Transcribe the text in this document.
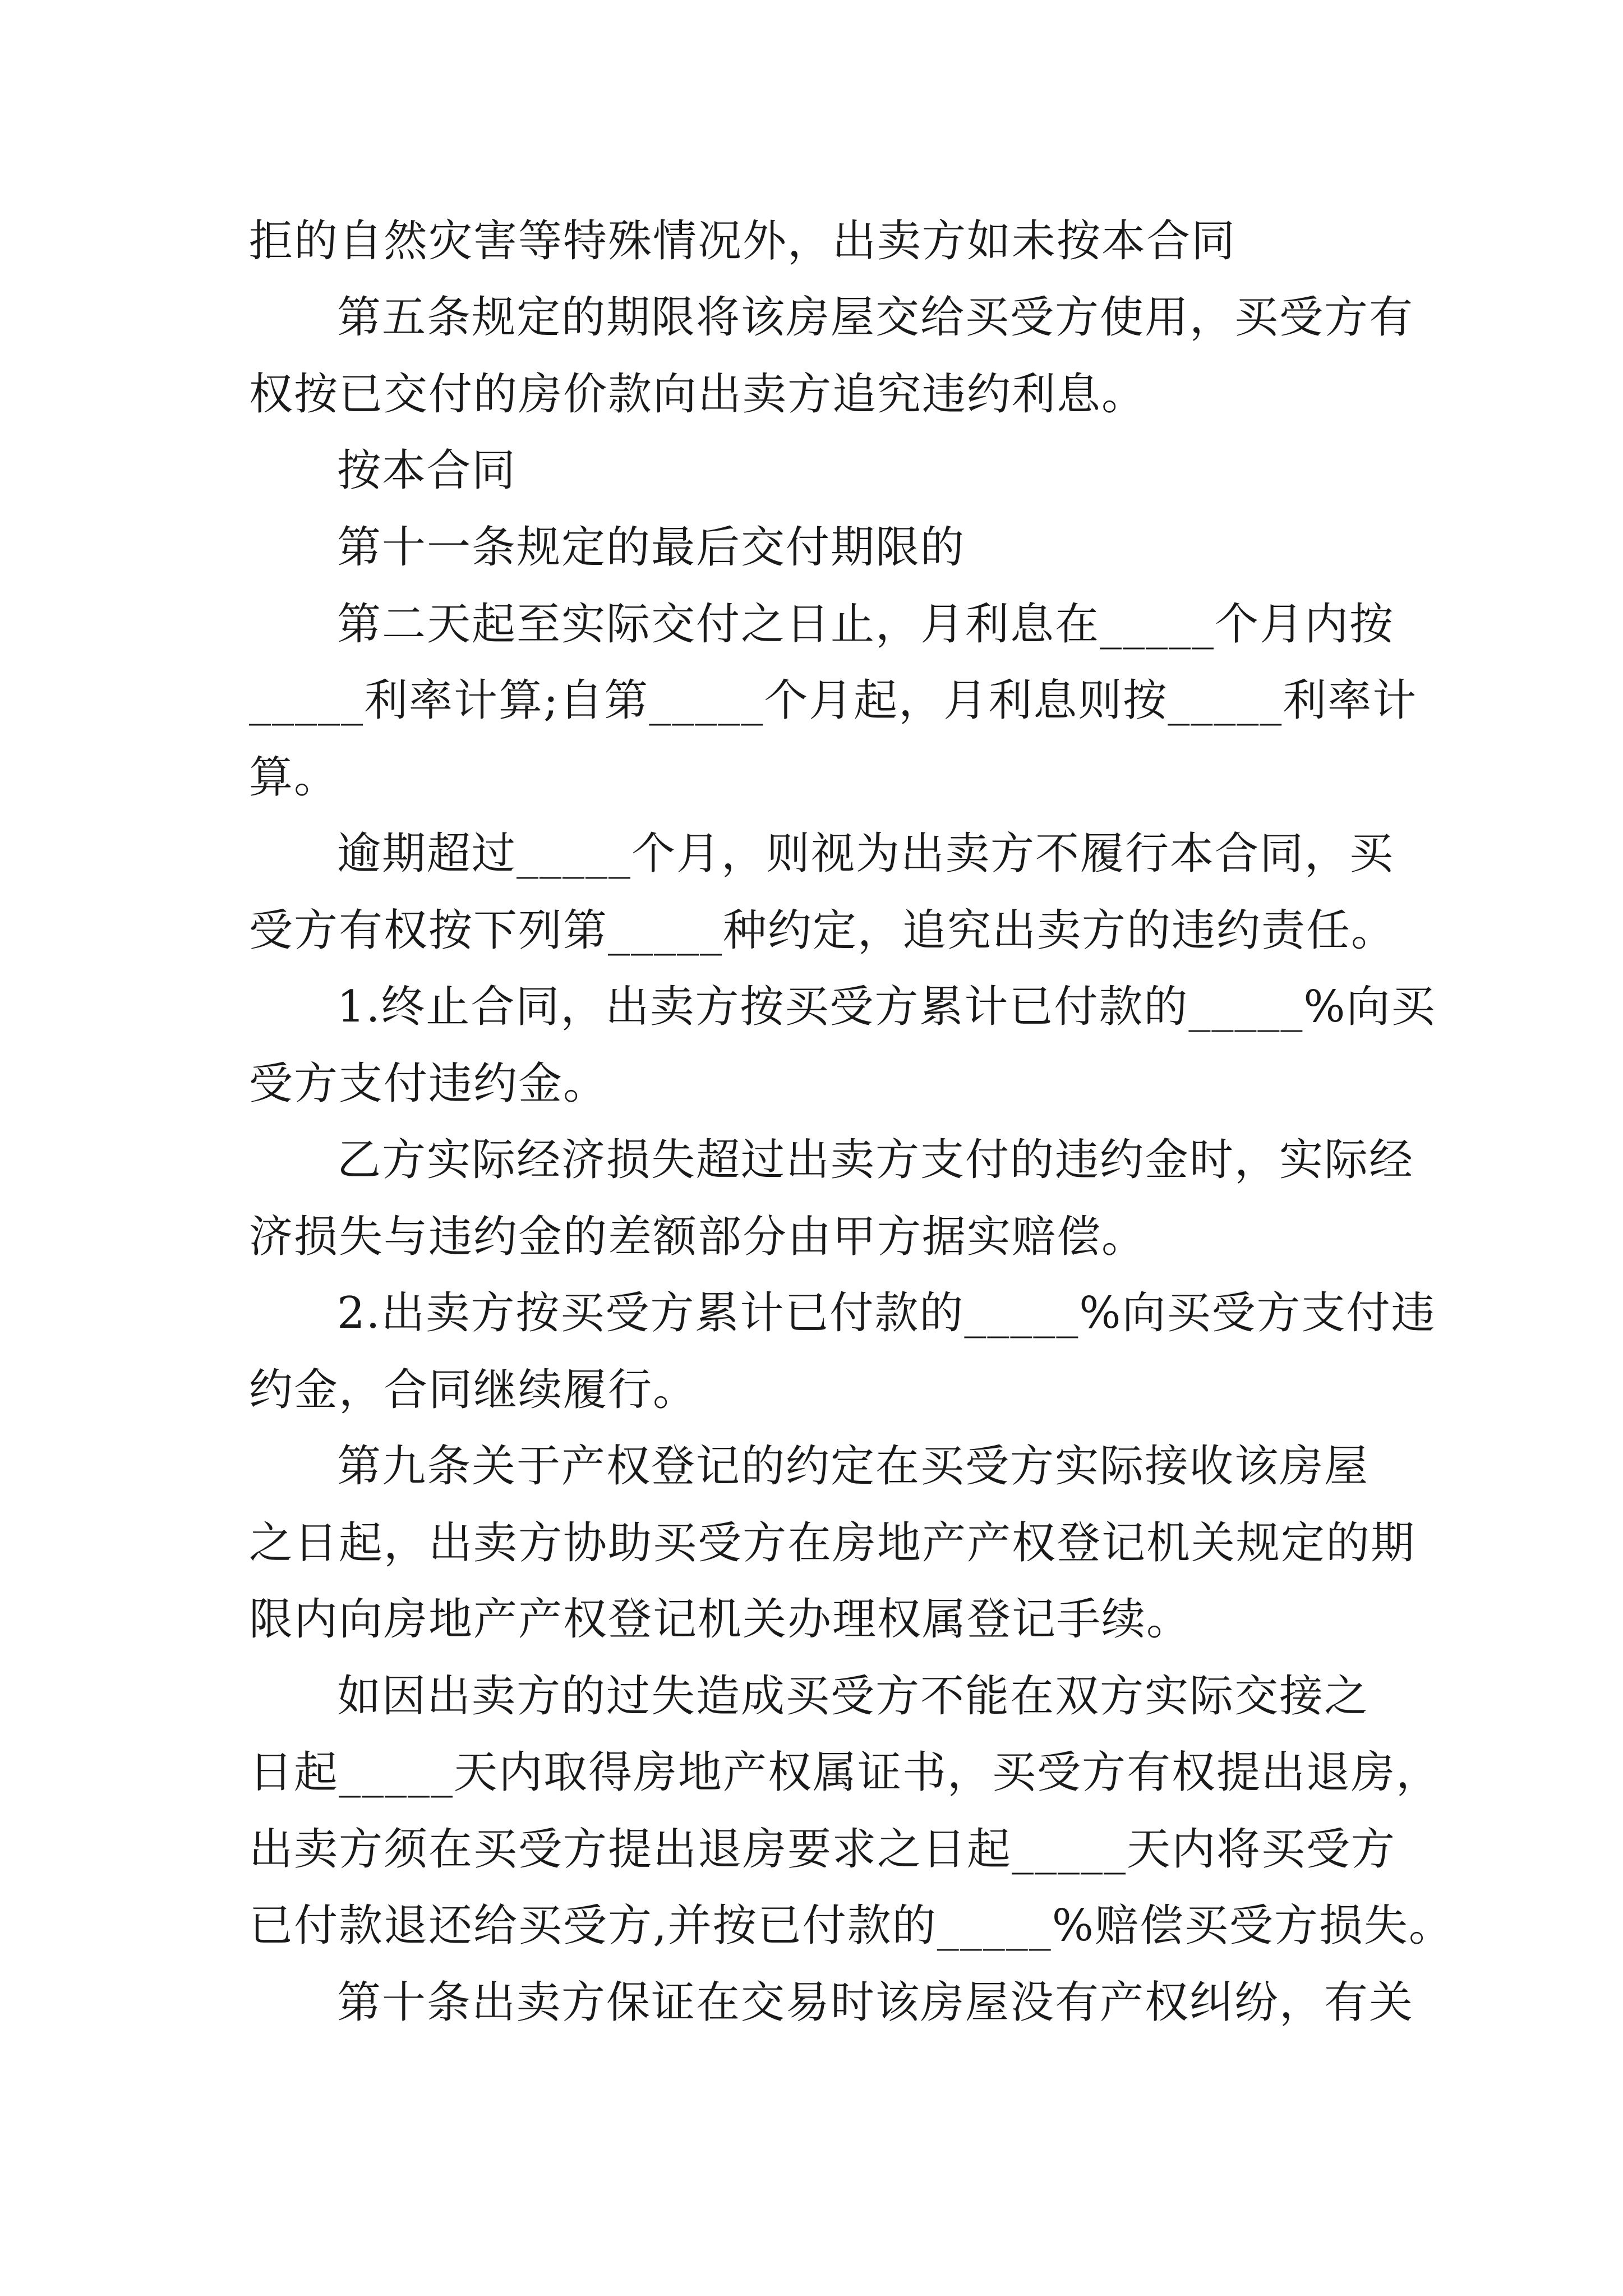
拒的自然灾害等特殊情况外，出卖方如未按本合同

第五条规定的期限将该房屋交给买受方使用，买受方有

权按已交付的房价款向出卖方追究违约利息。

按本合同

第十一条规定的最后交付期限的

第二天起至实际交付之日止，月利息在_____个月内按

_____利率计算;自第_____个月起，月利息则按_____利率计

算。

逾期超过_____个月，则视为出卖方不履行本合同，买

受方有权按下列第_____种约定，追究出卖方的违约责任。

1.终止合同，出卖方按买受方累计已付款的_____%向买

受方支付违约金。

乙方实际经济损失超过出卖方支付的违约金时，实际经

济损失与违约金的差额部分由甲方据实赔偿。

2.出卖方按买受方累计已付款的_____%向买受方支付违

约金，合同继续履行。

第九条关于产权登记的约定在买受方实际接收该房屋

之日起，出卖方协助买受方在房地产产权登记机关规定的期

限内向房地产产权登记机关办理权属登记手续。

如因出卖方的过失造成买受方不能在双方实际交接之

日起_____天内取得房地产权属证书，买受方有权提出退房，

出卖方须在买受方提出退房要求之日起_____天内将买受方

已付款退还给买受方,并按已付款的_____%赔偿买受方损失。

第十条出卖方保证在交易时该房屋没有产权纠纷，有关
